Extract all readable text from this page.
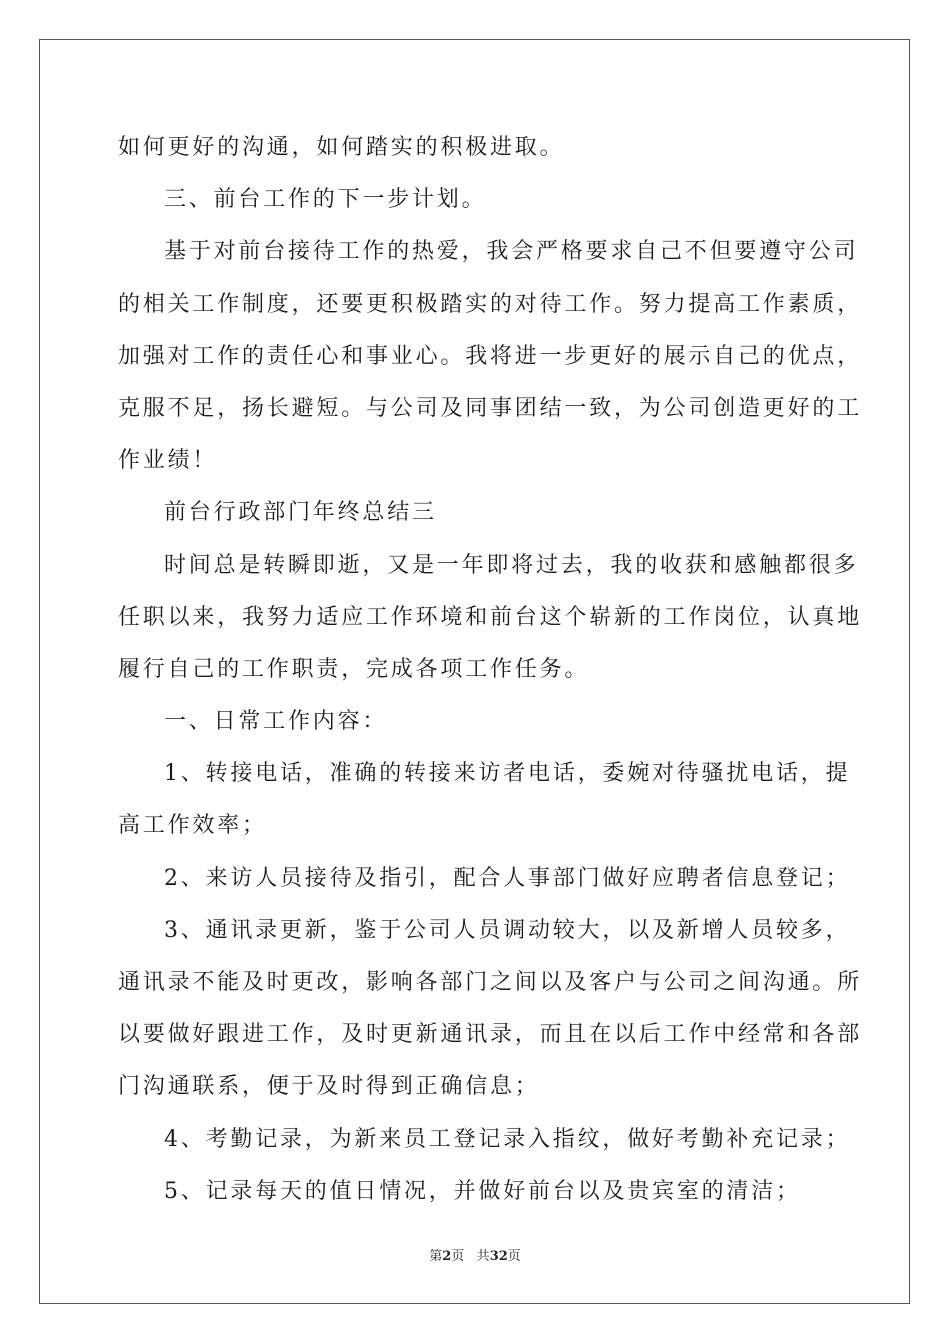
如何更好的沟通，如何踏实的积极进取。
三、前台工作的下一步计划。
基于对前台接待工作的热爱，我会严格要求自己不但要遵守公司
的相关工作制度，还要更积极踏实的对待工作。努力提高工作素质，
加强对工作的责任心和事业心。我将进一步更好的展示自己的优点，
克服不足，扬长避短。与公司及同事团结一致，为公司创造更好的工
作业绩！
前台行政部门年终总结三
时间总是转瞬即逝，又是一年即将过去，我的收获和感触都很多
任职以来，我努力适应工作环境和前台这个崭新的工作岗位，认真地
履行自己的工作职责，完成各项工作任务。
一、日常工作内容：
1、转接电话，准确的转接来访者电话，委婉对待骚扰电话，提
高工作效率；
2、来访人员接待及指引，配合人事部门做好应聘者信息登记；
3、通讯录更新，鉴于公司人员调动较大，以及新增人员较多，
通讯录不能及时更改，影响各部门之间以及客户与公司之间沟通。所
以要做好跟进工作，及时更新通讯录，而且在以后工作中经常和各部
门沟通联系，便于及时得到正确信息；
4、考勤记录，为新来员工登记录入指纹，做好考勤补充记录；
5、记录每天的值日情况，并做好前台以及贵宾室的清洁；
第2页 共32页
